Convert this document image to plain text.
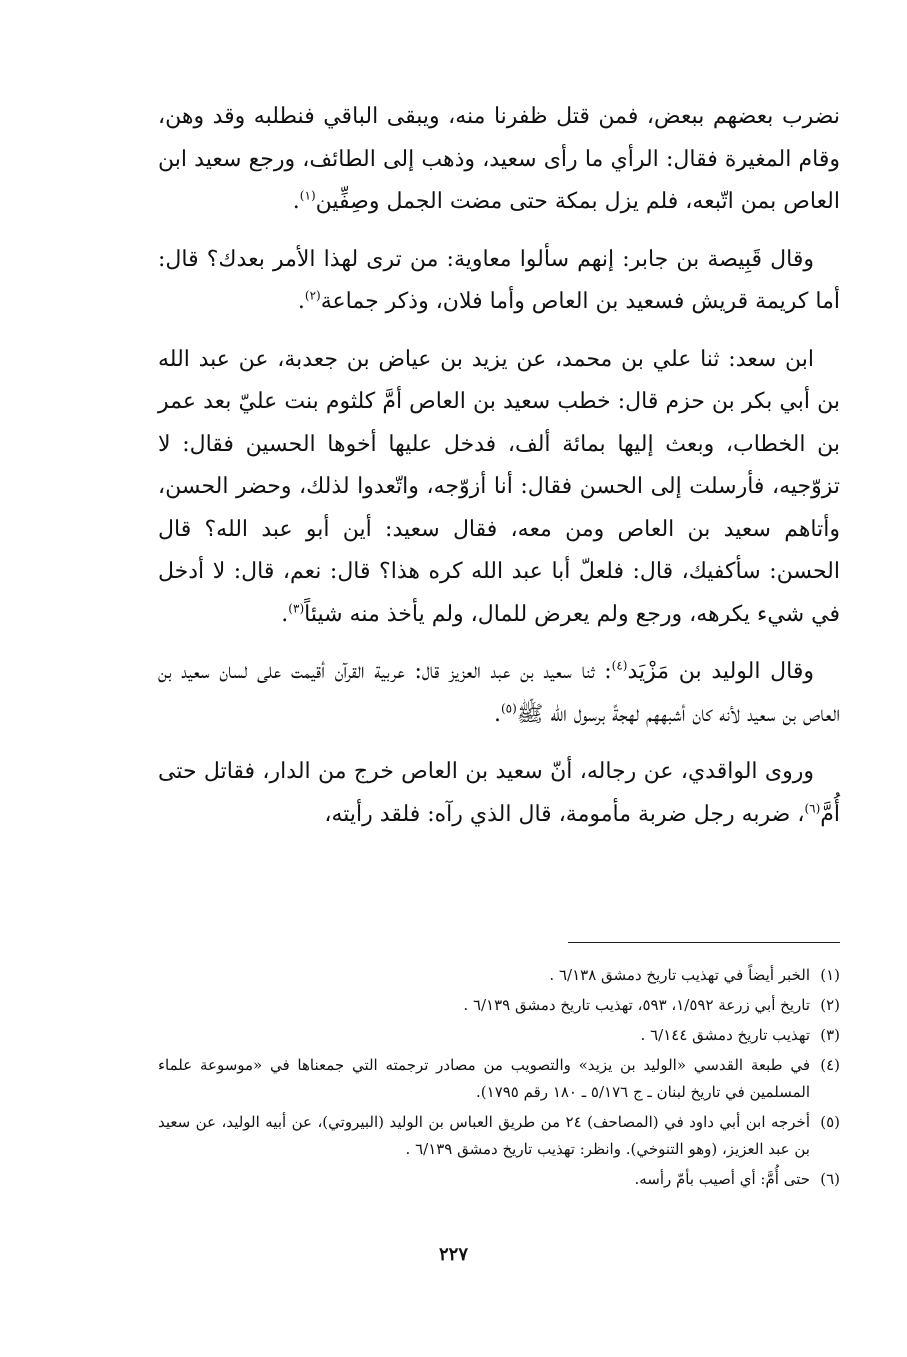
نضرب بعضهم ببعض، فمن قتل ظفرنا منه، ويبقى الباقي فنطلبه وقد وهن، وقام المغيرة فقال: الرأي ما رأى سعيد، وذهب إلى الطائف، ورجع سعيد ابن العاص بمن اتّبعه، فلم يزل بمكة حتى مضت الجمل وصِفِّين$^{(١)}$.

وقال قَبِيصة بن جابر: إنهم سألوا معاوية: من ترى لهذا الأمر بعدك؟ قال: أما كريمة قريش فسعيد بن العاص وأما فلان، وذكر جماعة$^{(٢)}$.

ابن سعد: ثنا علي بن محمد، عن يزيد بن عياض بن جعدبة، عن عبد الله بن أبي بكر بن حزم قال: خطب سعيد بن العاص أمَّ كلثوم بنت عليّ بعد عمر بن الخطاب، وبعث إليها بمائة ألف، فدخل عليها أخوها الحسين فقال: لا تزوّجيه، فأرسلت إلى الحسن فقال: أنا أزوّجه، واتّعدوا لذلك، وحضر الحسن، وأتاهم سعيد بن العاص ومن معه، فقال سعيد: أين أبو عبد الله؟ قال الحسن: سأكفيك، قال: فلعلّ أبا عبد الله كره هذا؟ قال: نعم، قال: لا أدخل في شيء يكرهه، ورجع ولم يعرض للمال، ولم يأخذ منه شيئاً$^{(٣)}$.

وقال الوليد بن مَزْيَد$^{(٤)}$: ثنا سعيد بن عبد العزيز قال: عربية القرآن أقيمت على لسان سعيد بن العاص بن سعيد لأنه كان أشبههم لهجةً برسول الله ﷺ$^{(٥)}$.

وروى الواقدي، عن رجاله، أنّ سعيد بن العاص خرج من الدار، فقاتل حتى أُمَّ$^{(٦)}$، ضربه رجل ضربة مأمومة، قال الذي رآه: فلقد رأيته،

(١)
الخبر أيضاً في تهذيب تاريخ دمشق ٦/١٣٨ .
(٢)
تاريخ أبي زرعة ١/٥٩٢، ٥٩٣، تهذيب تاريخ دمشق ٦/١٣٩ .
(٣)
تهذيب تاريخ دمشق ٦/١٤٤ .
(٤)
في طبعة القدسي «الوليد بن يزيد» والتصويب من مصادر ترجمته التي جمعناها في «موسوعة علماء المسلمين في تاريخ لبنان ـ ج ٥/١٧٦ ـ ١٨٠ رقم ١٧٩٥).
(٥)
أخرجه ابن أبي داود في (المصاحف) ٢٤ من طريق العباس بن الوليد (البيروتي)، عن أبيه الوليد، عن سعيد بن عبد العزيز، (وهو التنوخي). وانظر: تهذيب تاريخ دمشق ٦/١٣٩ .
(٦)
حتى أُمَّ: أي أصيب بأمّ رأسه.
٢٢٧
